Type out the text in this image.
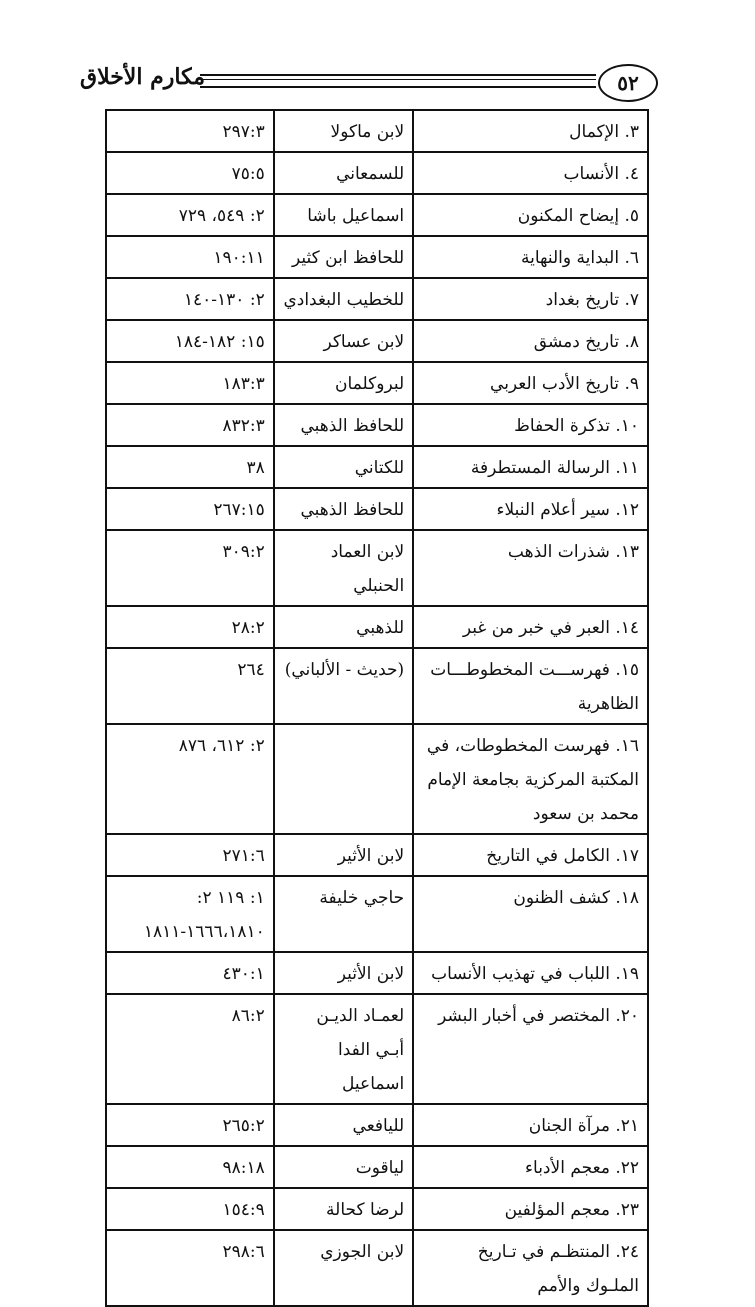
مكارم الأخلاق	٥٢
٣. الإكمال	لابن ماكولا	٢٩٧:٣
٤. الأنساب	للسمعاني	٧٥:٥
٥. إيضاح المكنون	اسماعيل باشا	٢: ٥٤٩، ٧٢٩
٦. البداية والنهاية	للحافظ ابن كثير	١٩٠:١١
٧. تاريخ بغداد	للخطيب البغدادي	٢: ١٣٠-١٤٠
٨. تاريخ دمشق	لابن عساكر	١٥: ١٨٢-١٨٤
٩. تاريخ الأدب العربي	لبروكلمان	١٨٣:٣
١٠. تذكرة الحفاظ	للحافظ الذهبي	٨٣٢:٣
١١. الرسالة المستطرفة	للكتاني	٣٨
١٢. سير أعلام النبلاء	للحافظ الذهبي	٢٦٧:١٥
١٣. شذرات الذهب	لابن العماد الحنبلي	٣٠٩:٢
١٤. العبر في خبر من غبر	للذهبي	٢٨:٢
١٥. فهرســـت المخطوطـــات الظاهرية	(حديث - الألباني)	٢٦٤
١٦. فهرست المخطوطات، في المكتبة المركزية بجامعة الإمام محمد بن سعود		٢: ٦١٢، ٨٧٦
١٧. الكامل في التاريخ	لابن الأثير	٢٧١:٦
١٨. كشف الظنون	حاجي خليفة	١: ١١٩ ٢: ١٦٦٦،١٨١٠-١٨١١
١٩. اللباب في تهذيب الأنساب	لابن الأثير	٤٣٠:١
٢٠. المختصر في أخبار البشر	لعمـاد الديـن أبـي الفدا اسماعيل	٨٦:٢
٢١. مرآة الجنان	لليافعي	٢٦٥:٢
٢٢. معجم الأدباء	لياقوت	٩٨:١٨
٢٣. معجم المؤلفين	لرضا كحالة	١٥٤:٩
٢٤. المنتظـم في تـاريخ الملـوك والأمم	لابن الجوزي	٢٩٨:٦
